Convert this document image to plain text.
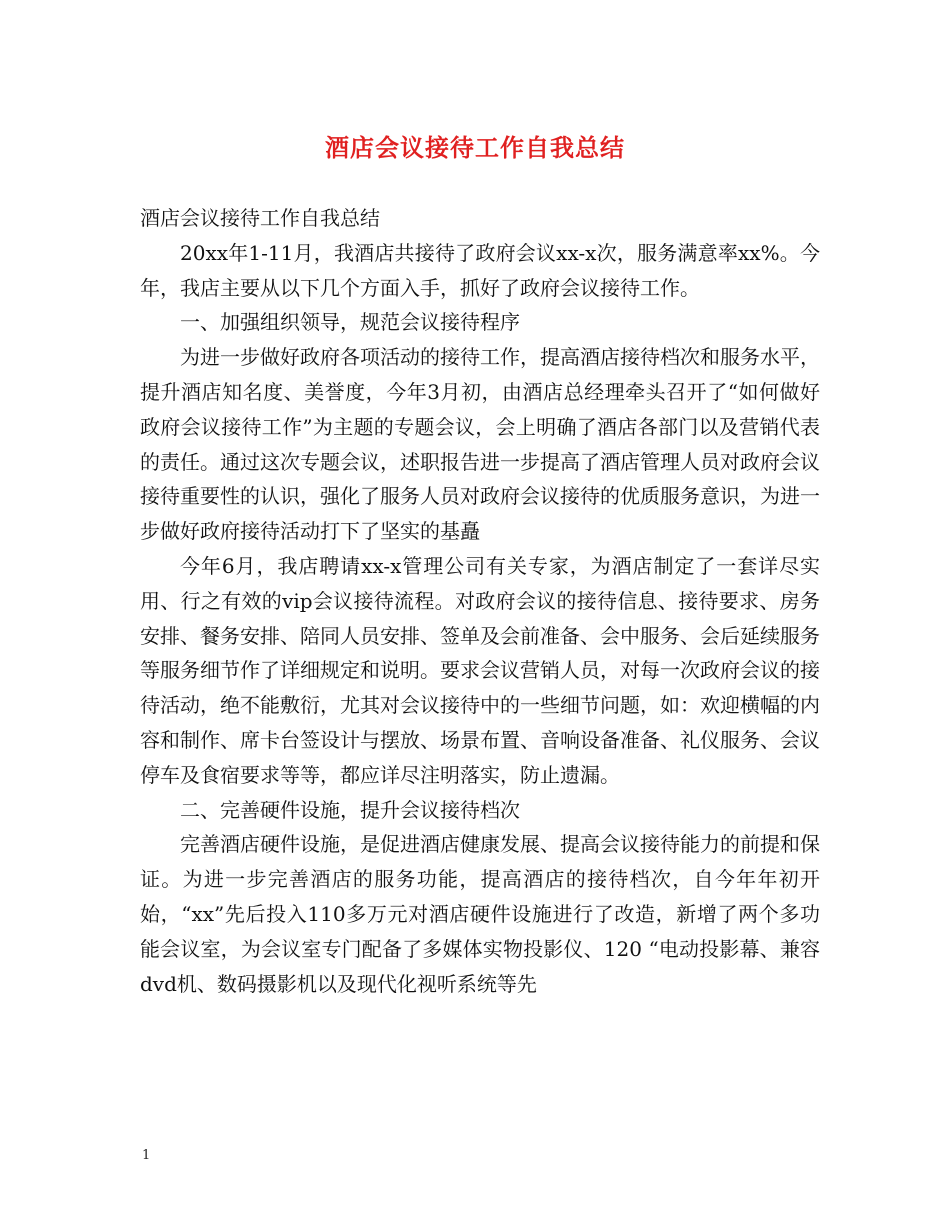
酒店会议接待工作自我总结

酒店会议接待工作自我总结

20xx年1-11月，我酒店共接待了政府会议xx-x次，服务满意率xx%。今年，我店主要从以下几个方面入手，抓好了政府会议接待工作。

一、加强组织领导，规范会议接待程序

为进一步做好政府各项活动的接待工作，提高酒店接待档次和服务水平，提升酒店知名度、美誉度，今年3月初，由酒店总经理牵头召开了“如何做好政府会议接待工作”为主题的专题会议，会上明确了酒店各部门以及营销代表的责任。通过这次专题会议，述职报告进一步提高了酒店管理人员对政府会议接待重要性的认识，强化了服务人员对政府会议接待的优质服务意识，为进一步做好政府接待活动打下了坚实的基矗

今年6月，我店聘请xx-x管理公司有关专家，为酒店制定了一套详尽实用、行之有效的vip会议接待流程。对政府会议的接待信息、接待要求、房务安排、餐务安排、陪同人员安排、签单及会前准备、会中服务、会后延续服务等服务细节作了详细规定和说明。要求会议营销人员，对每一次政府会议的接待活动，绝不能敷衍，尤其对会议接待中的一些细节问题，如：欢迎横幅的内容和制作、席卡台签设计与摆放、场景布置、音响设备准备、礼仪服务、会议停车及食宿要求等等，都应详尽注明落实，防止遗漏。

二、完善硬件设施，提升会议接待档次

完善酒店硬件设施，是促进酒店健康发展、提高会议接待能力的前提和保证。为进一步完善酒店的服务功能，提高酒店的接待档次，自今年年初开始，“xx”先后投入110多万元对酒店硬件设施进行了改造，新增了两个多功能会议室，为会议室专门配备了多媒体实物投影仪、120 “电动投影幕、兼容dvd机、数码摄影机以及现代化视听系统等先

1
